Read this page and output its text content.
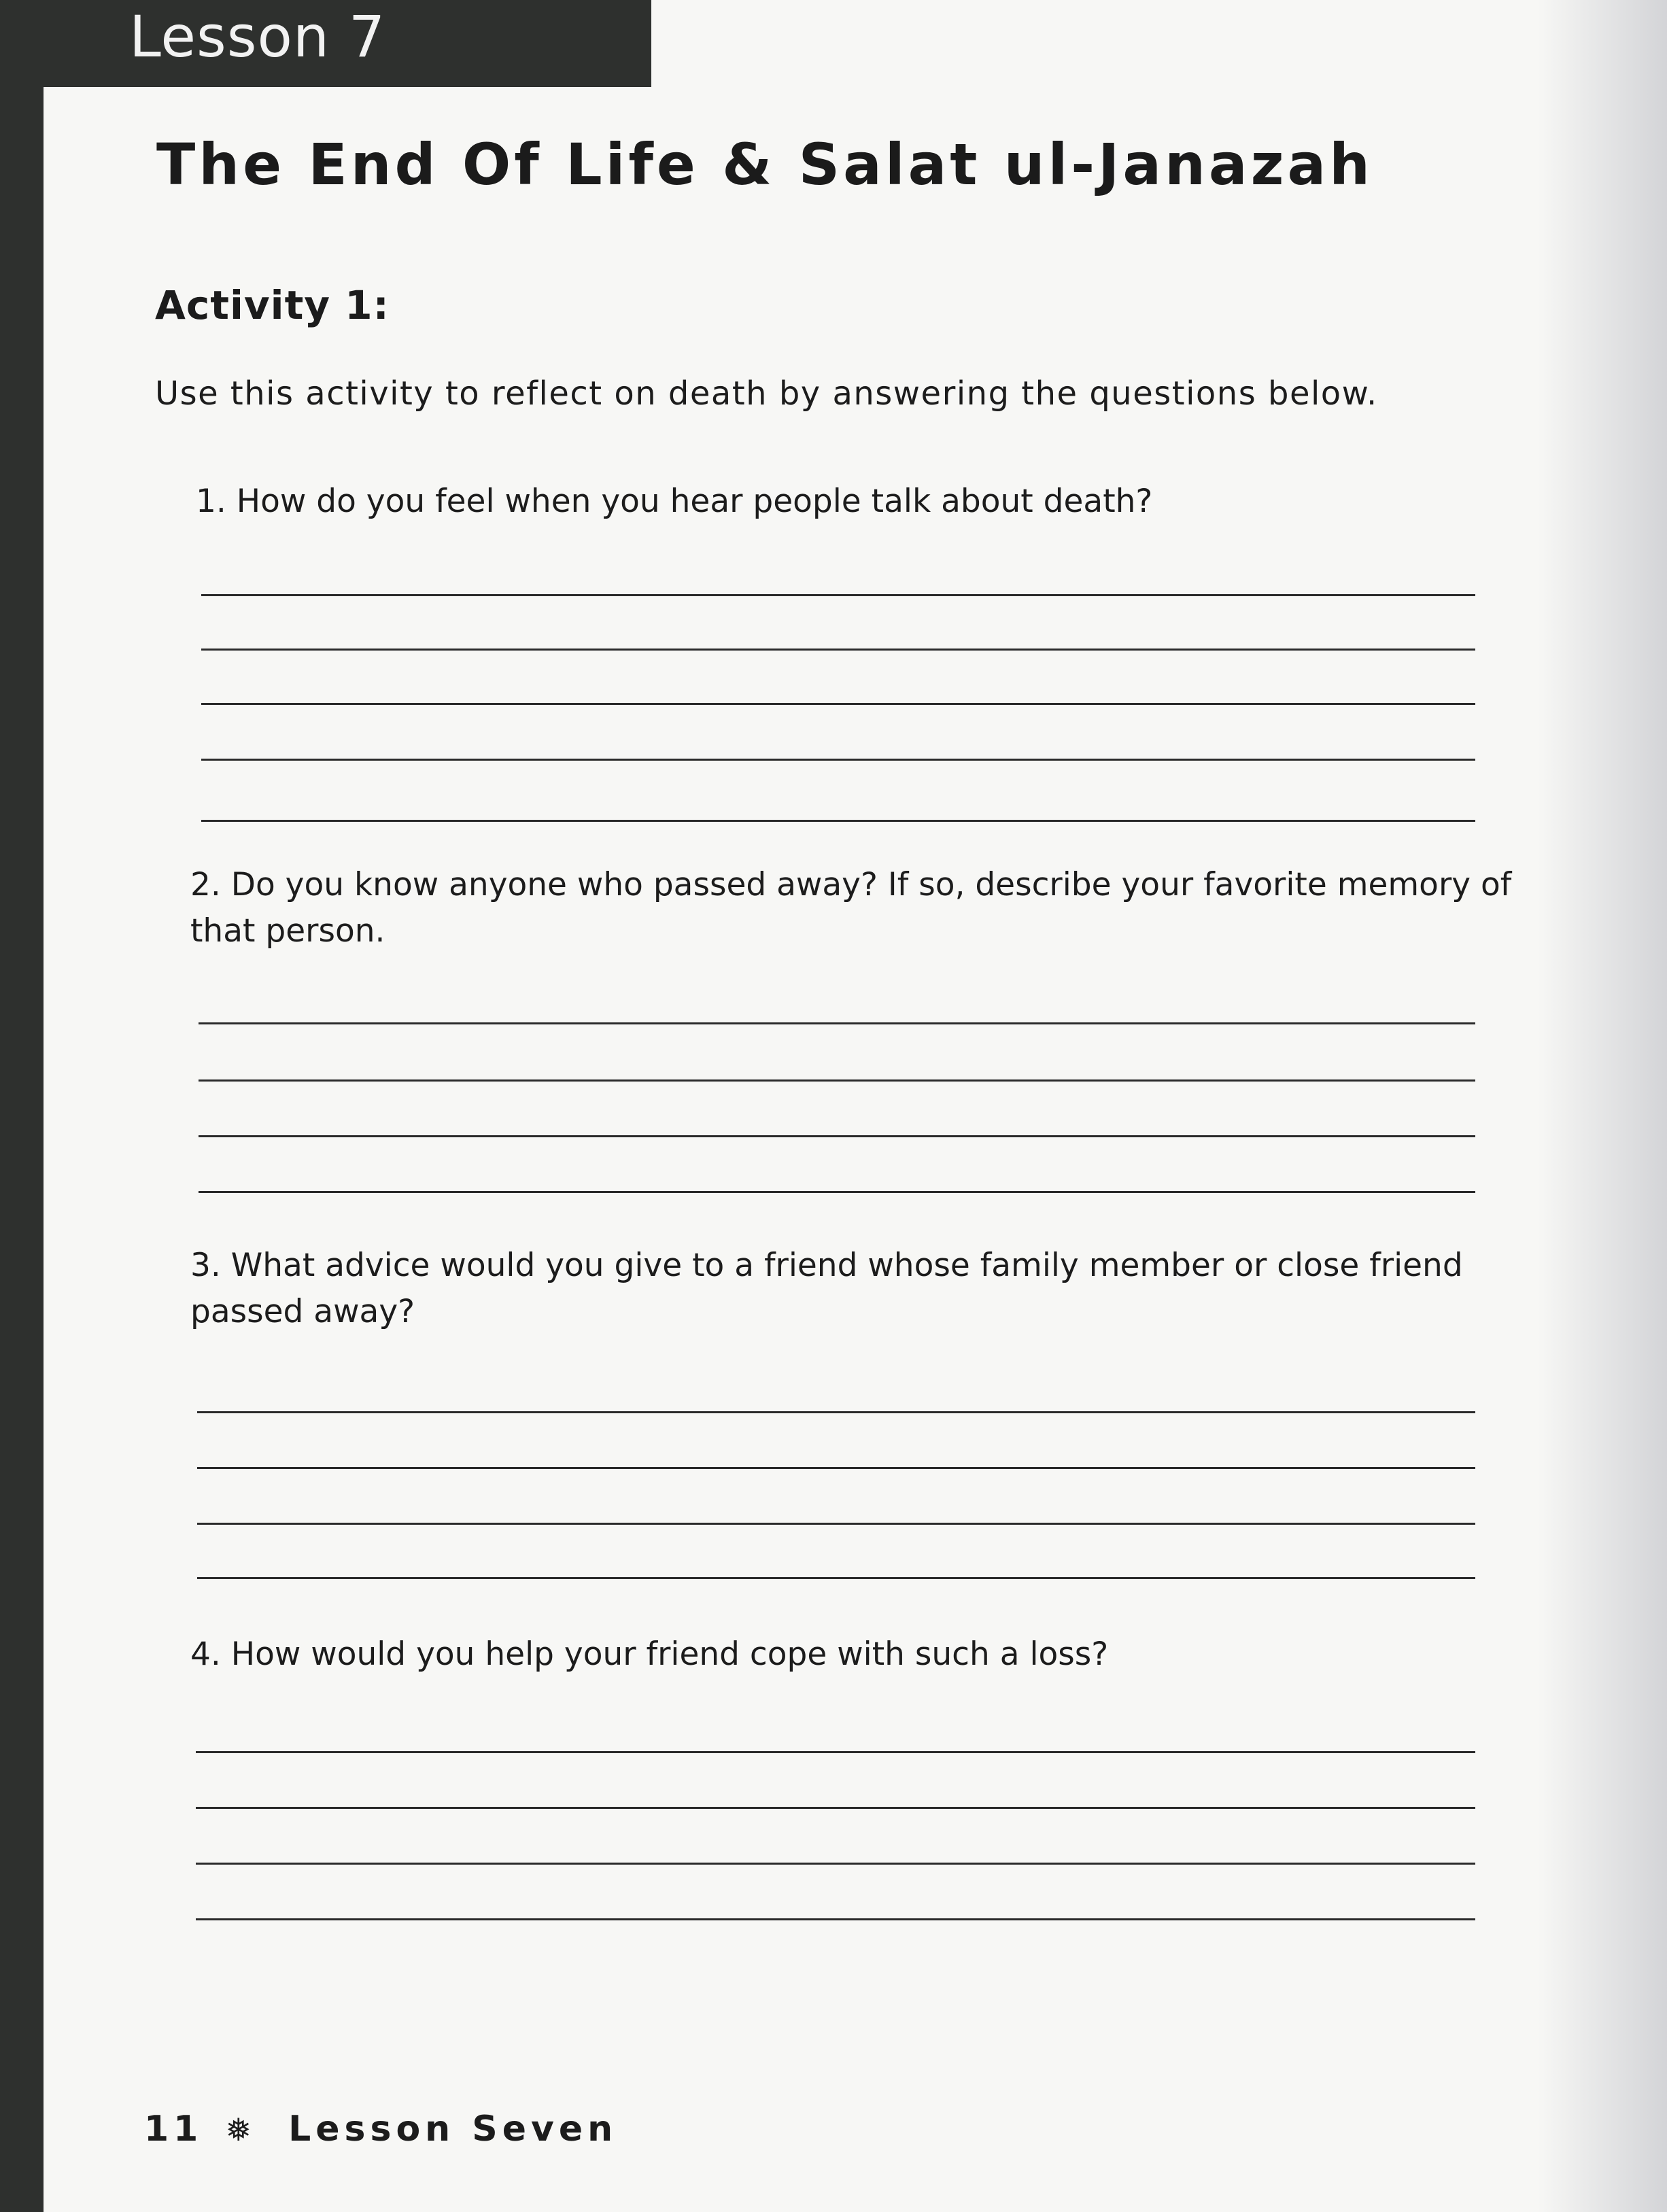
Lesson 7
The End Of Life & Salat ul-Janazah
Activity 1:
Use this activity to reflect on death by answering the questions below.
1. How do you feel when you hear people talk about death?
2. Do you know anyone who passed away? If so, describe your favorite memory of that person.
3. What advice would you give to a friend whose family member or close friend passed away?
4. How would you help your friend cope with such a loss?
11 ❅ Lesson Seven
